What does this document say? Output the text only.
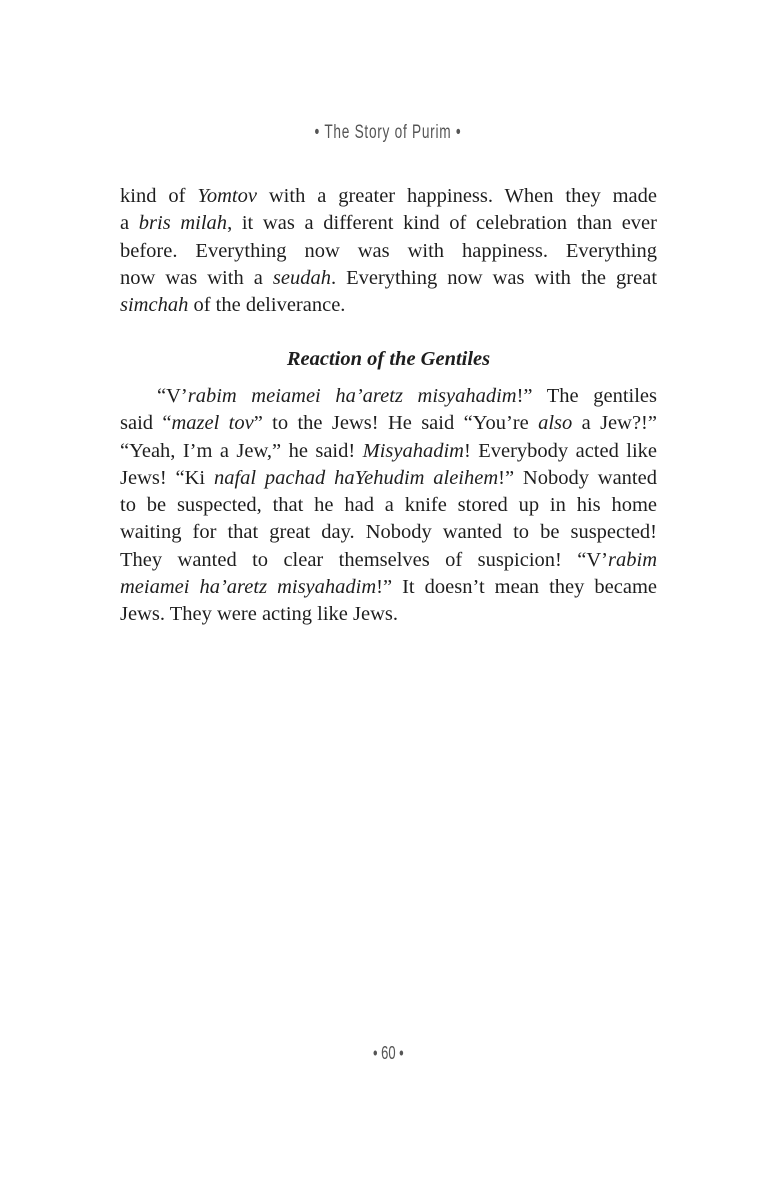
• The Story of Purim •
kind of Yomtov with a greater happiness. When they made
a bris milah, it was a different kind of celebration than ever
before. Everything now was with happiness. Everything
now was with a seudah. Everything now was with the great
simchah of the deliverance.
Reaction of the Gentiles
“V’rabim meiamei ha’aretz misyahadim!” The gentiles
said “mazel tov” to the Jews! He said “You’re also a Jew?!”
“Yeah, I’m a Jew,” he said! Misyahadim! Everybody acted like
Jews! “Ki nafal pachad haYehudim aleihem!” Nobody wanted
to be suspected, that he had a knife stored up in his home
waiting for that great day. Nobody wanted to be suspected!
They wanted to clear themselves of suspicion! “V’rabim
meiamei ha’aretz misyahadim!” It doesn’t mean they became
Jews. They were acting like Jews.
• 60 •
